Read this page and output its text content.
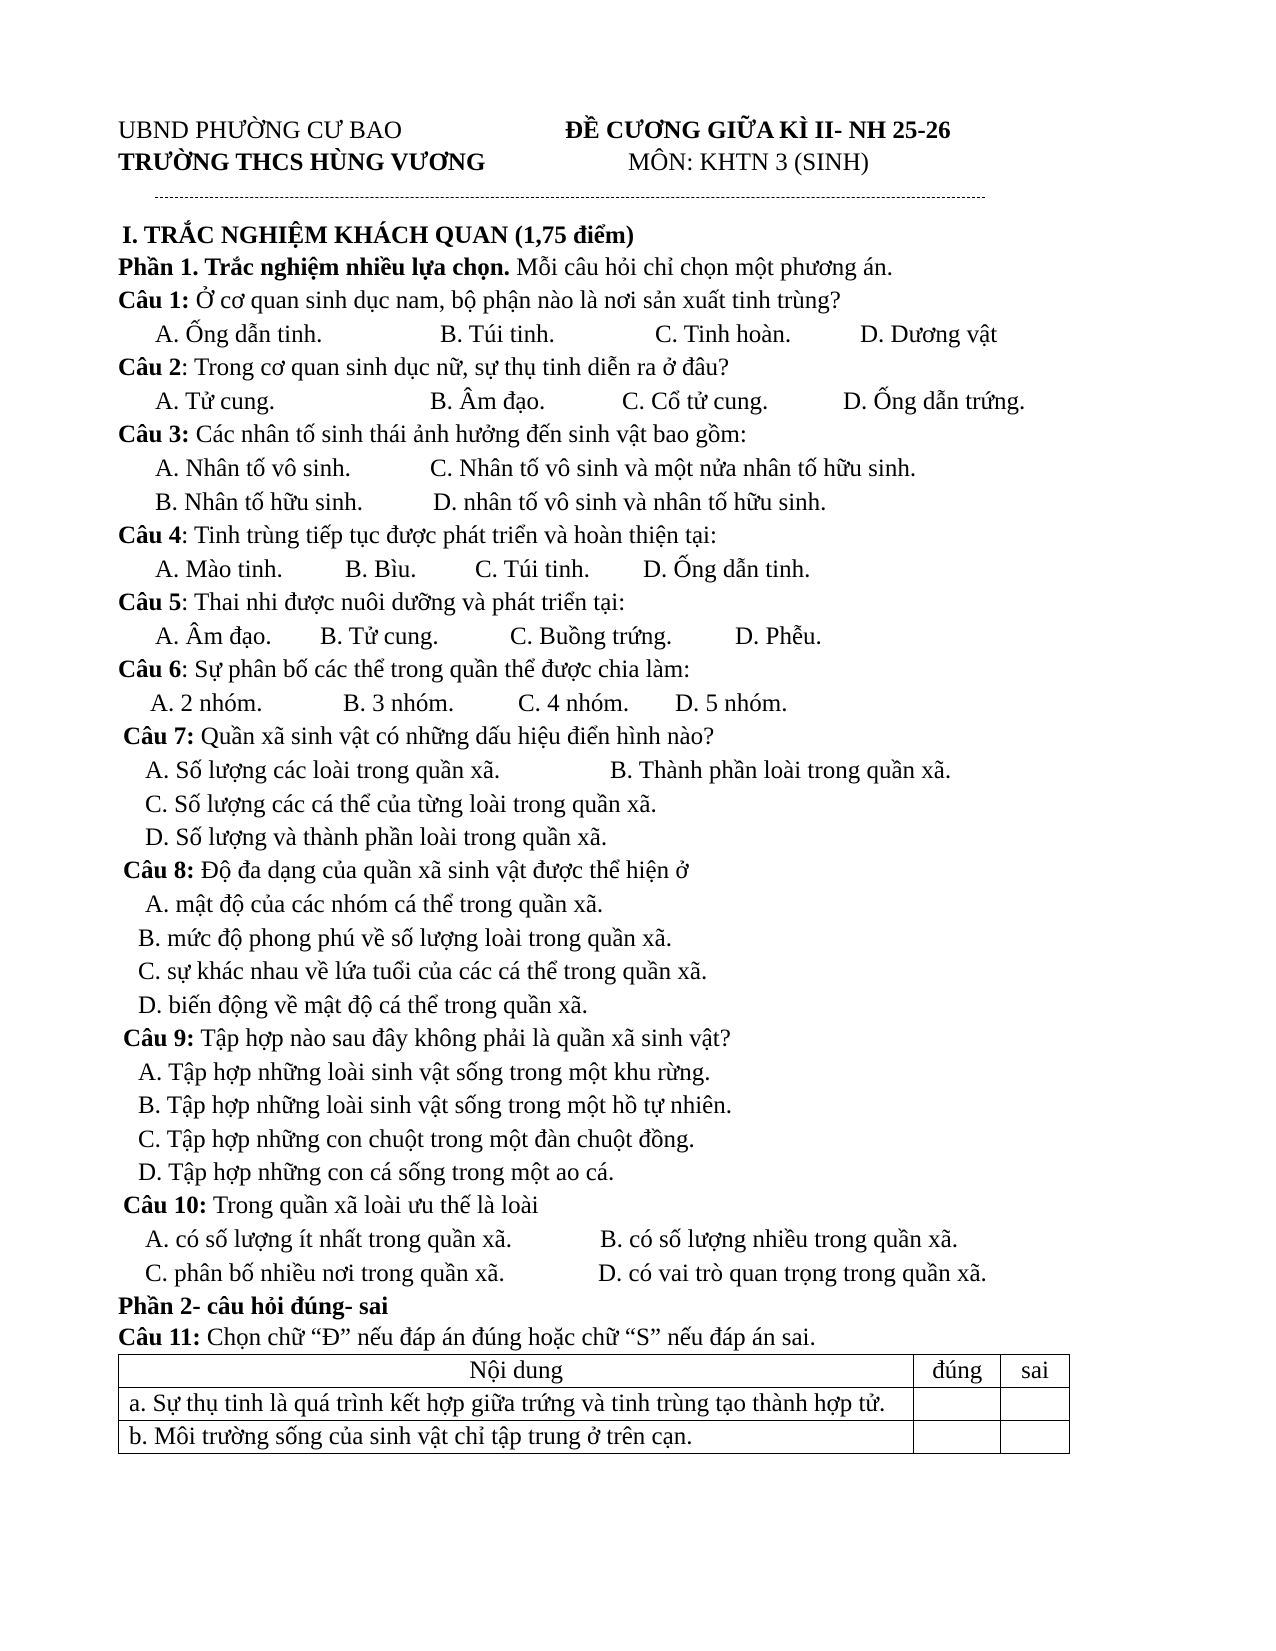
UBND PHƯỜNG CƯ BAO
TRƯỜNG THCS HÙNG VƯƠNG
ĐỀ CƯƠNG GIỮA KÌ II- NH 25-26
MÔN: KHTN 3 (SINH)
I. TRẮC NGHIỆM KHÁCH QUAN (1,75 điểm)
Phần 1. Trắc nghiệm nhiều lựa chọn. Mỗi câu hỏi chỉ chọn một phương án.
Câu 1: Ở cơ quan sinh dục nam, bộ phận nào là nơi sản xuất tinh trùng?
A. Ống dẫn tinh.	B. Túi tinh.	C. Tinh hoàn.	D. Dương vật
Câu 2: Trong cơ quan sinh dục nữ, sự thụ tinh diễn ra ở đâu?
A. Tử cung.	B. Âm đạo.	C. Cổ tử cung.	D. Ống dẫn trứng.
Câu 3: Các nhân tố sinh thái ảnh hưởng đến sinh vật bao gồm:
A. Nhân tố vô sinh.	C. Nhân tố vô sinh và một nửa nhân tố hữu sinh.
B. Nhân tố hữu sinh.	D. nhân tố vô sinh và nhân tố hữu sinh.
Câu 4: Tinh trùng tiếp tục được phát triển và hoàn thiện tại:
A. Mào tinh. B. Bìu. C. Túi tinh. D. Ống dẫn tinh.
Câu 5: Thai nhi được nuôi dưỡng và phát triển tại:
A. Âm đạo. B. Tử cung.	C. Buồng trứng.	D. Phễu.
Câu 6: Sự phân bố các thể trong quần thể được chia làm:
A. 2 nhóm.	B. 3 nhóm.	C. 4 nhóm. D. 5 nhóm.
Câu 7: Quần xã sinh vật có những dấu hiệu điển hình nào?
A. Số lượng các loài trong quần xã.	B. Thành phần loài trong quần xã.
C. Số lượng các cá thể của từng loài trong quần xã.
D. Số lượng và thành phần loài trong quần xã.
Câu 8: Độ đa dạng của quần xã sinh vật được thể hiện ở
A. mật độ của các nhóm cá thể trong quần xã.
B. mức độ phong phú về số lượng loài trong quần xã.
C. sự khác nhau về lứa tuổi của các cá thể trong quần xã.
D. biến động về mật độ cá thể trong quần xã.
Câu 9: Tập hợp nào sau đây không phải là quần xã sinh vật?
A. Tập hợp những loài sinh vật sống trong một khu rừng.
B. Tập hợp những loài sinh vật sống trong một hồ tự nhiên.
C. Tập hợp những con chuột trong một đàn chuột đồng.
D. Tập hợp những con cá sống trong một ao cá.
Câu 10: Trong quần xã loài ưu thế là loài
A. có số lượng ít nhất trong quần xã.	B. có số lượng nhiều trong quần xã.
C. phân bố nhiều nơi trong quần xã.	D. có vai trò quan trọng trong quần xã.
Phần 2- câu hỏi đúng- sai
Câu 11: Chọn chữ “Đ” nếu đáp án đúng hoặc chữ “S” nếu đáp án sai.
Nội dung	đúng	sai
a. Sự thụ tinh là quá trình kết hợp giữa trứng và tinh trùng tạo thành hợp tử.		
b. Môi trường sống của sinh vật chỉ tập trung ở trên cạn.		
